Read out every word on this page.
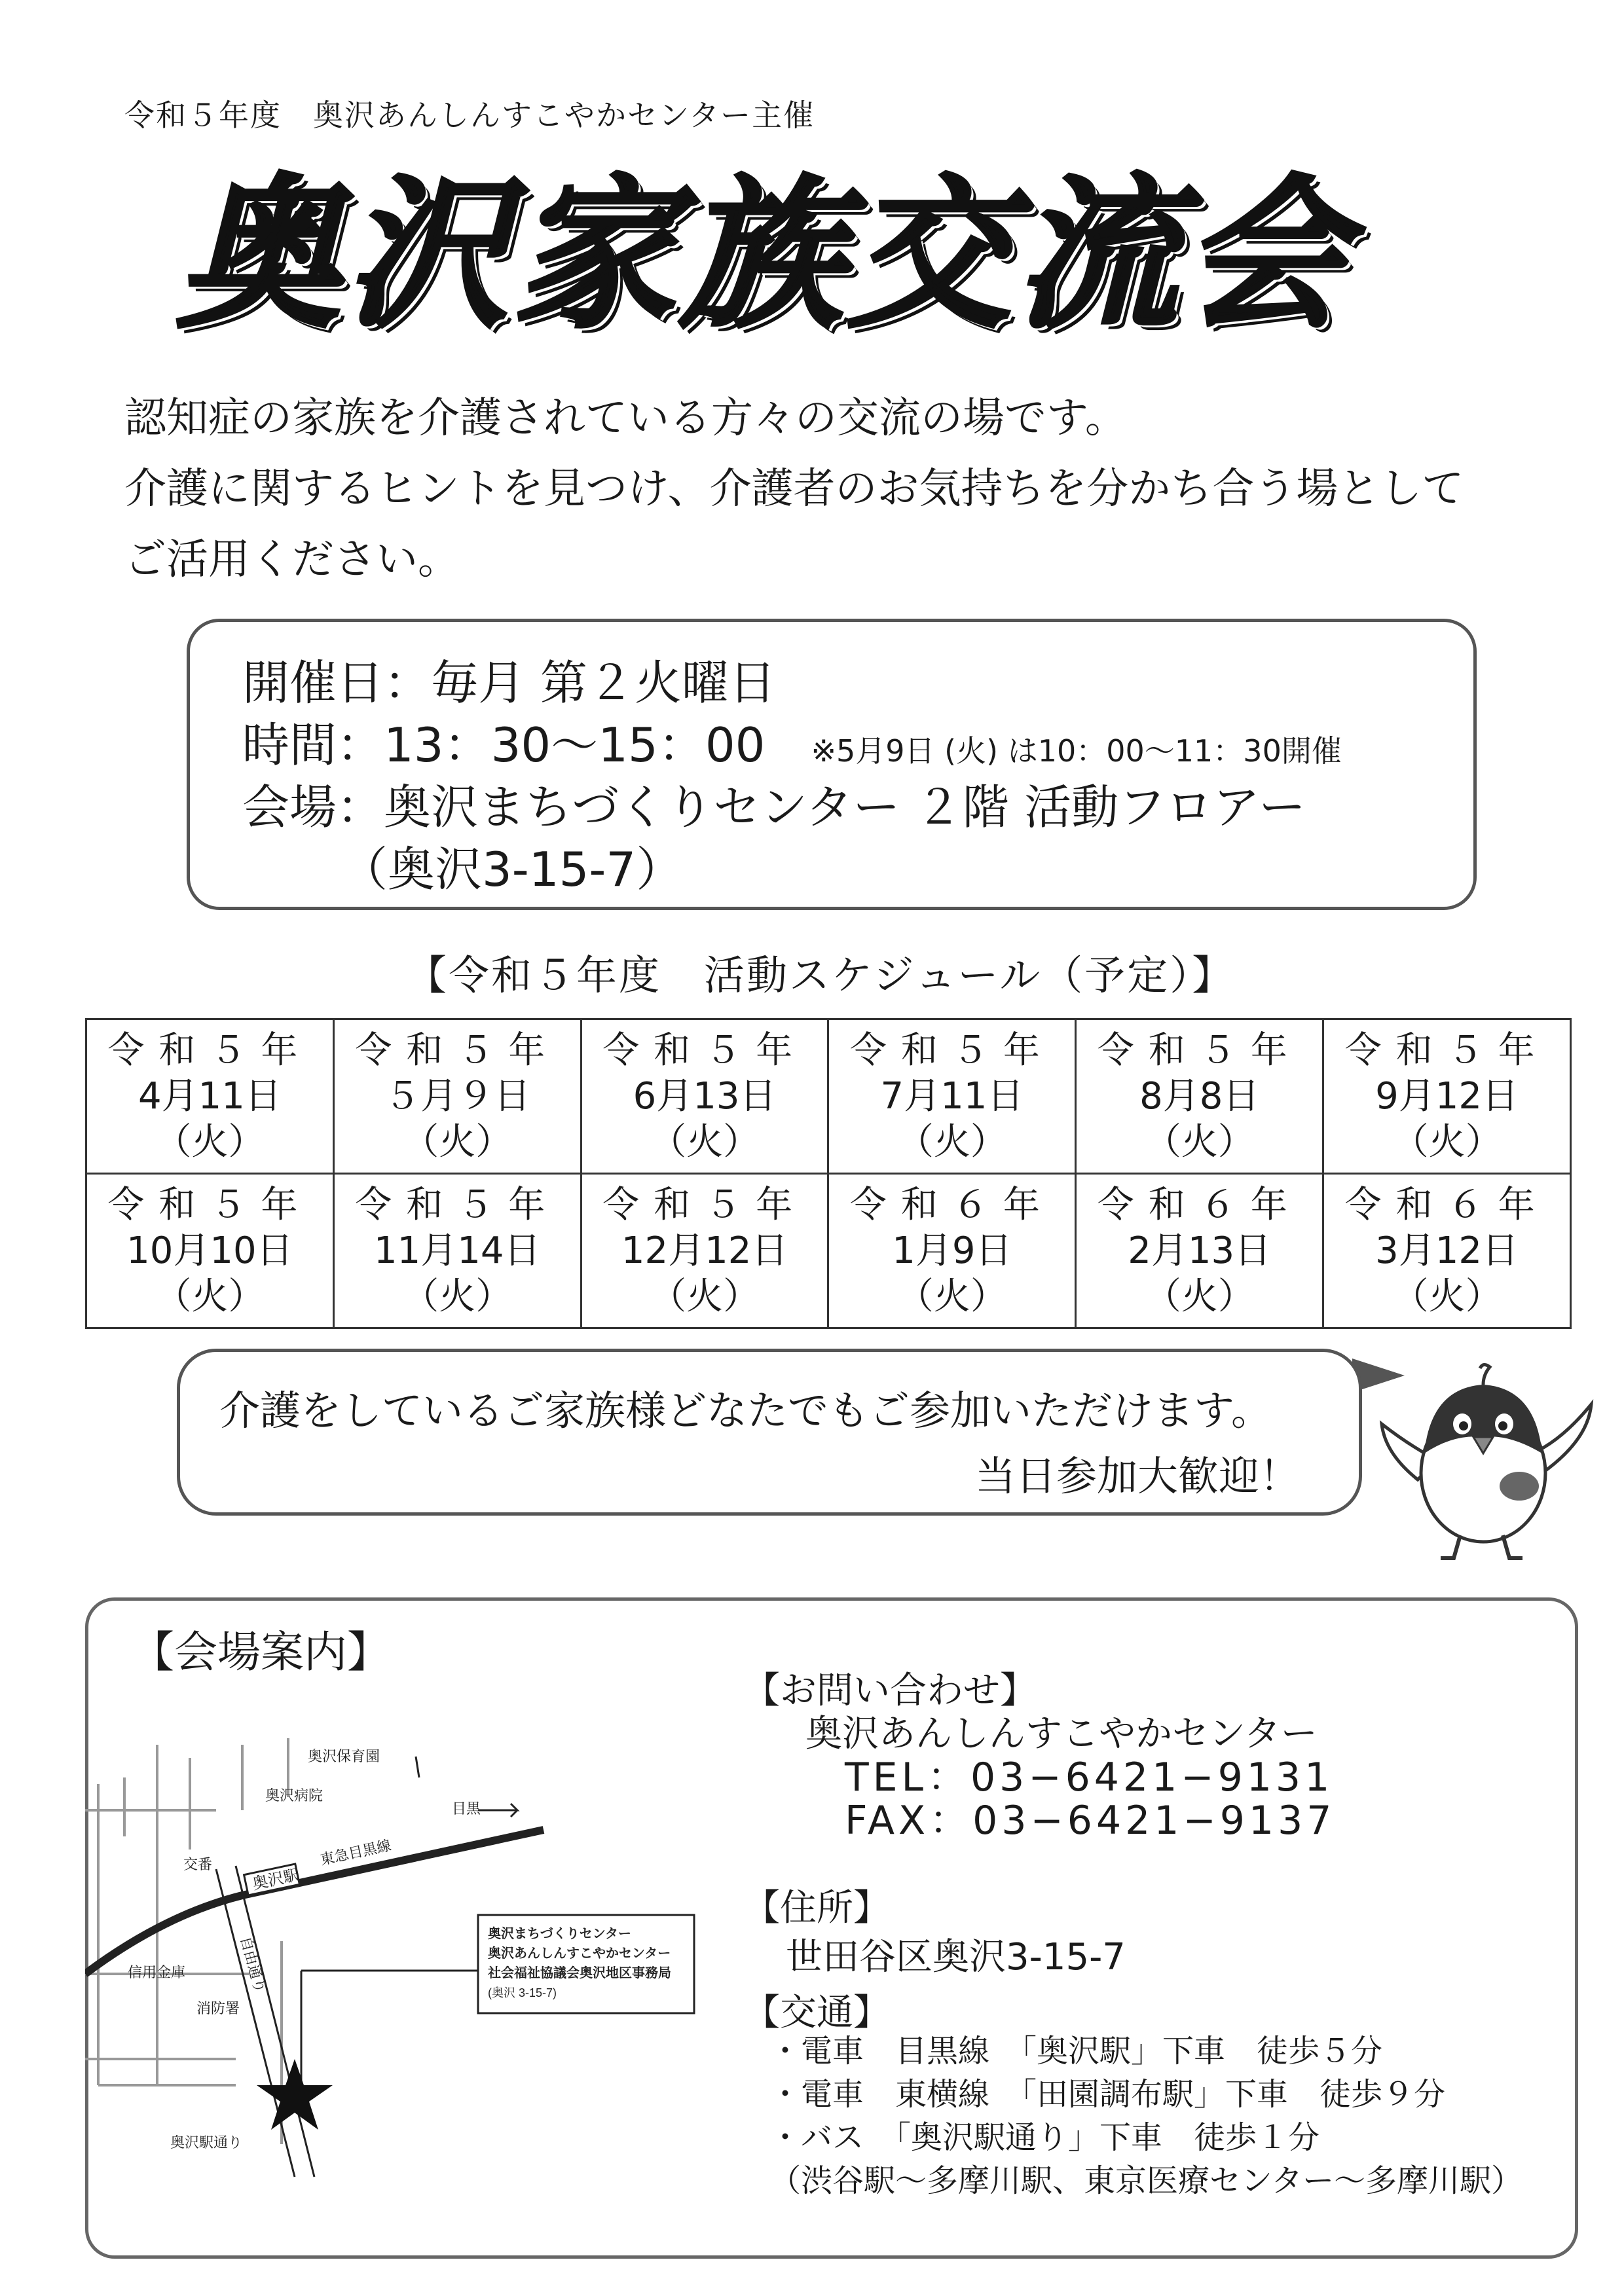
令和５年度　奥沢あんしんすこやかセンター主催
奥沢家族交流会
認知症の家族を介護されている方々の交流の場です。
介護に関するヒントを見つけ、介護者のお気持ちを分かち合う場として
ご活用ください。
開催日：毎月 第２火曜日
時間：13：30〜15：00 ※5月9日 (火) は10：00〜11：30開催
会場：奥沢まちづくりセンター ２階 活動フロアー
（奥沢3-15-7）
【令和５年度　活動スケジュール（予定）】
令和５年
4月11日
（火）	令和５年
５月９日
（火）	令和５年
6月13日
（火）	令和５年
7月11日
（火）	令和５年
8月8日
（火）	令和５年
9月12日
（火）

令和５年
10月10日
（火）	令和５年
11月14日
（火）	令和５年
12月12日
（火）	令和６年
1月9日
（火）	令和６年
2月13日
（火）	令和６年
3月12日
（火）
介護をしているご家族様どなたでもご参加いただけます。
当日参加大歓迎！
【会場案内】
奥沢駅
東急目黒線
目黒
奥沢保育園
奥沢病院
交番
自由通り
信用金庫
消防署
奥沢駅通り
奥沢まちづくりセンター
奥沢あんしんすこやかセンター
社会福祉協議会奥沢地区事務局
(奥沢 3-15-7)
【お問い合わせ】
奥沢あんしんすこやかセンター
TEL：03−6421−9131
FAX：03−6421−9137
【住所】
世田谷区奥沢3-15-7
【交通】
・電車　目黒線　「奥沢駅」下車　徒歩５分
・電車　東横線　「田園調布駅」下車　徒歩９分
・バス　「奥沢駅通り」下車　徒歩１分
（渋谷駅〜多摩川駅、東京医療センター〜多摩川駅）
